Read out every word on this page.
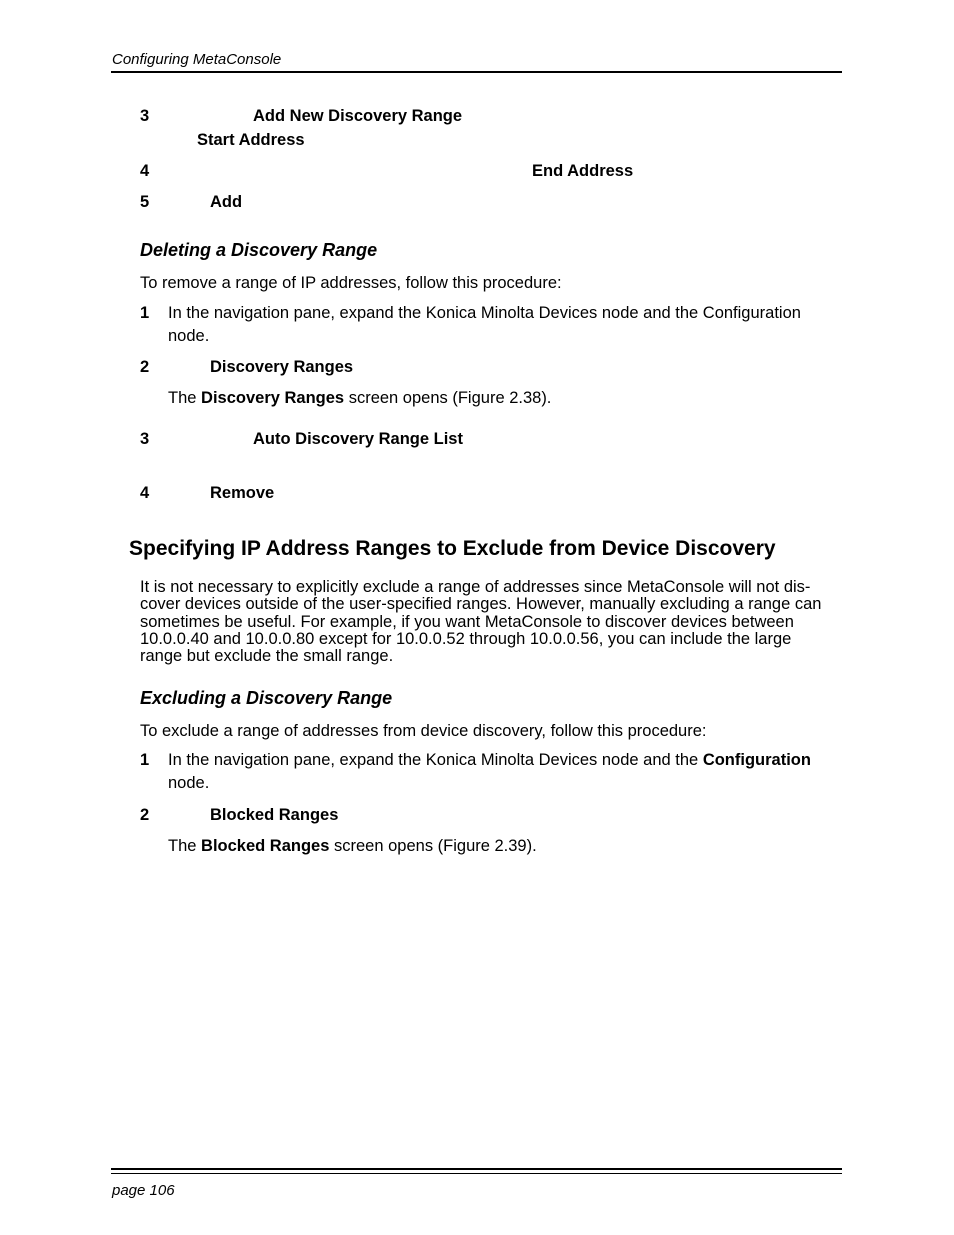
Configuring MetaConsole
3	Add New Discovery Range
Start Address
4	End Address
5	Add
Deleting a Discovery Range
To remove a range of IP addresses, follow this procedure:
1 In the navigation pane, expand the Konica Minolta Devices node and the Configuration
node.
2	Discovery Ranges
The Discovery Ranges screen opens (Figure 2.38).
3	Auto Discovery Range List
4	Remove
Specifying IP Address Ranges to Exclude from Device Discovery
It is not necessary to explicitly exclude a range of addresses since MetaConsole will not dis-
cover devices outside of the user-specified ranges. However, manually excluding a range can
sometimes be useful. For example, if you want MetaConsole to discover devices between
10.0.0.40 and 10.0.0.80 except for 10.0.0.52 through 10.0.0.56, you can include the large
range but exclude the small range.
Excluding a Discovery Range
To exclude a range of addresses from device discovery, follow this procedure:
1 In the navigation pane, expand the Konica Minolta Devices node and the Configuration
node.
2	Blocked Ranges
The Blocked Ranges screen opens (Figure 2.39).
page 106
